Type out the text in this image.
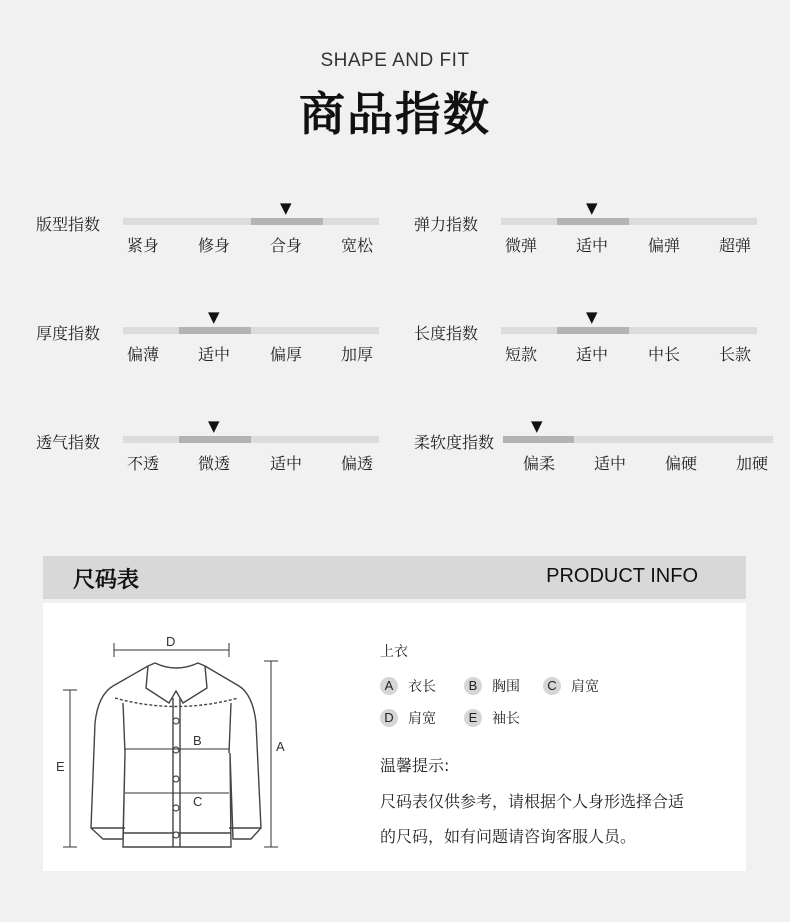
SHAPE AND FIT
商品指数
版型指数
▼
紧身	修身	合身	宽松
弹力指数
▼
微弹	适中	偏弹	超弹
厚度指数
▼
偏薄	适中	偏厚	加厚
长度指数
▼
短款	适中	中长	长款
透气指数
▼
不透	微透	适中	偏透
柔软度指数
▼
偏柔	适中	偏硬	加硬
尺码表	PRODUCT INFO
D
A
E
B
C
上衣
A	衣长	B	胸围	C	肩宽
D	肩宽	E	袖长
温馨提示:
尺码表仅供参考，请根据个人身形选择合适
的尺码，如有问题请咨询客服人员。
